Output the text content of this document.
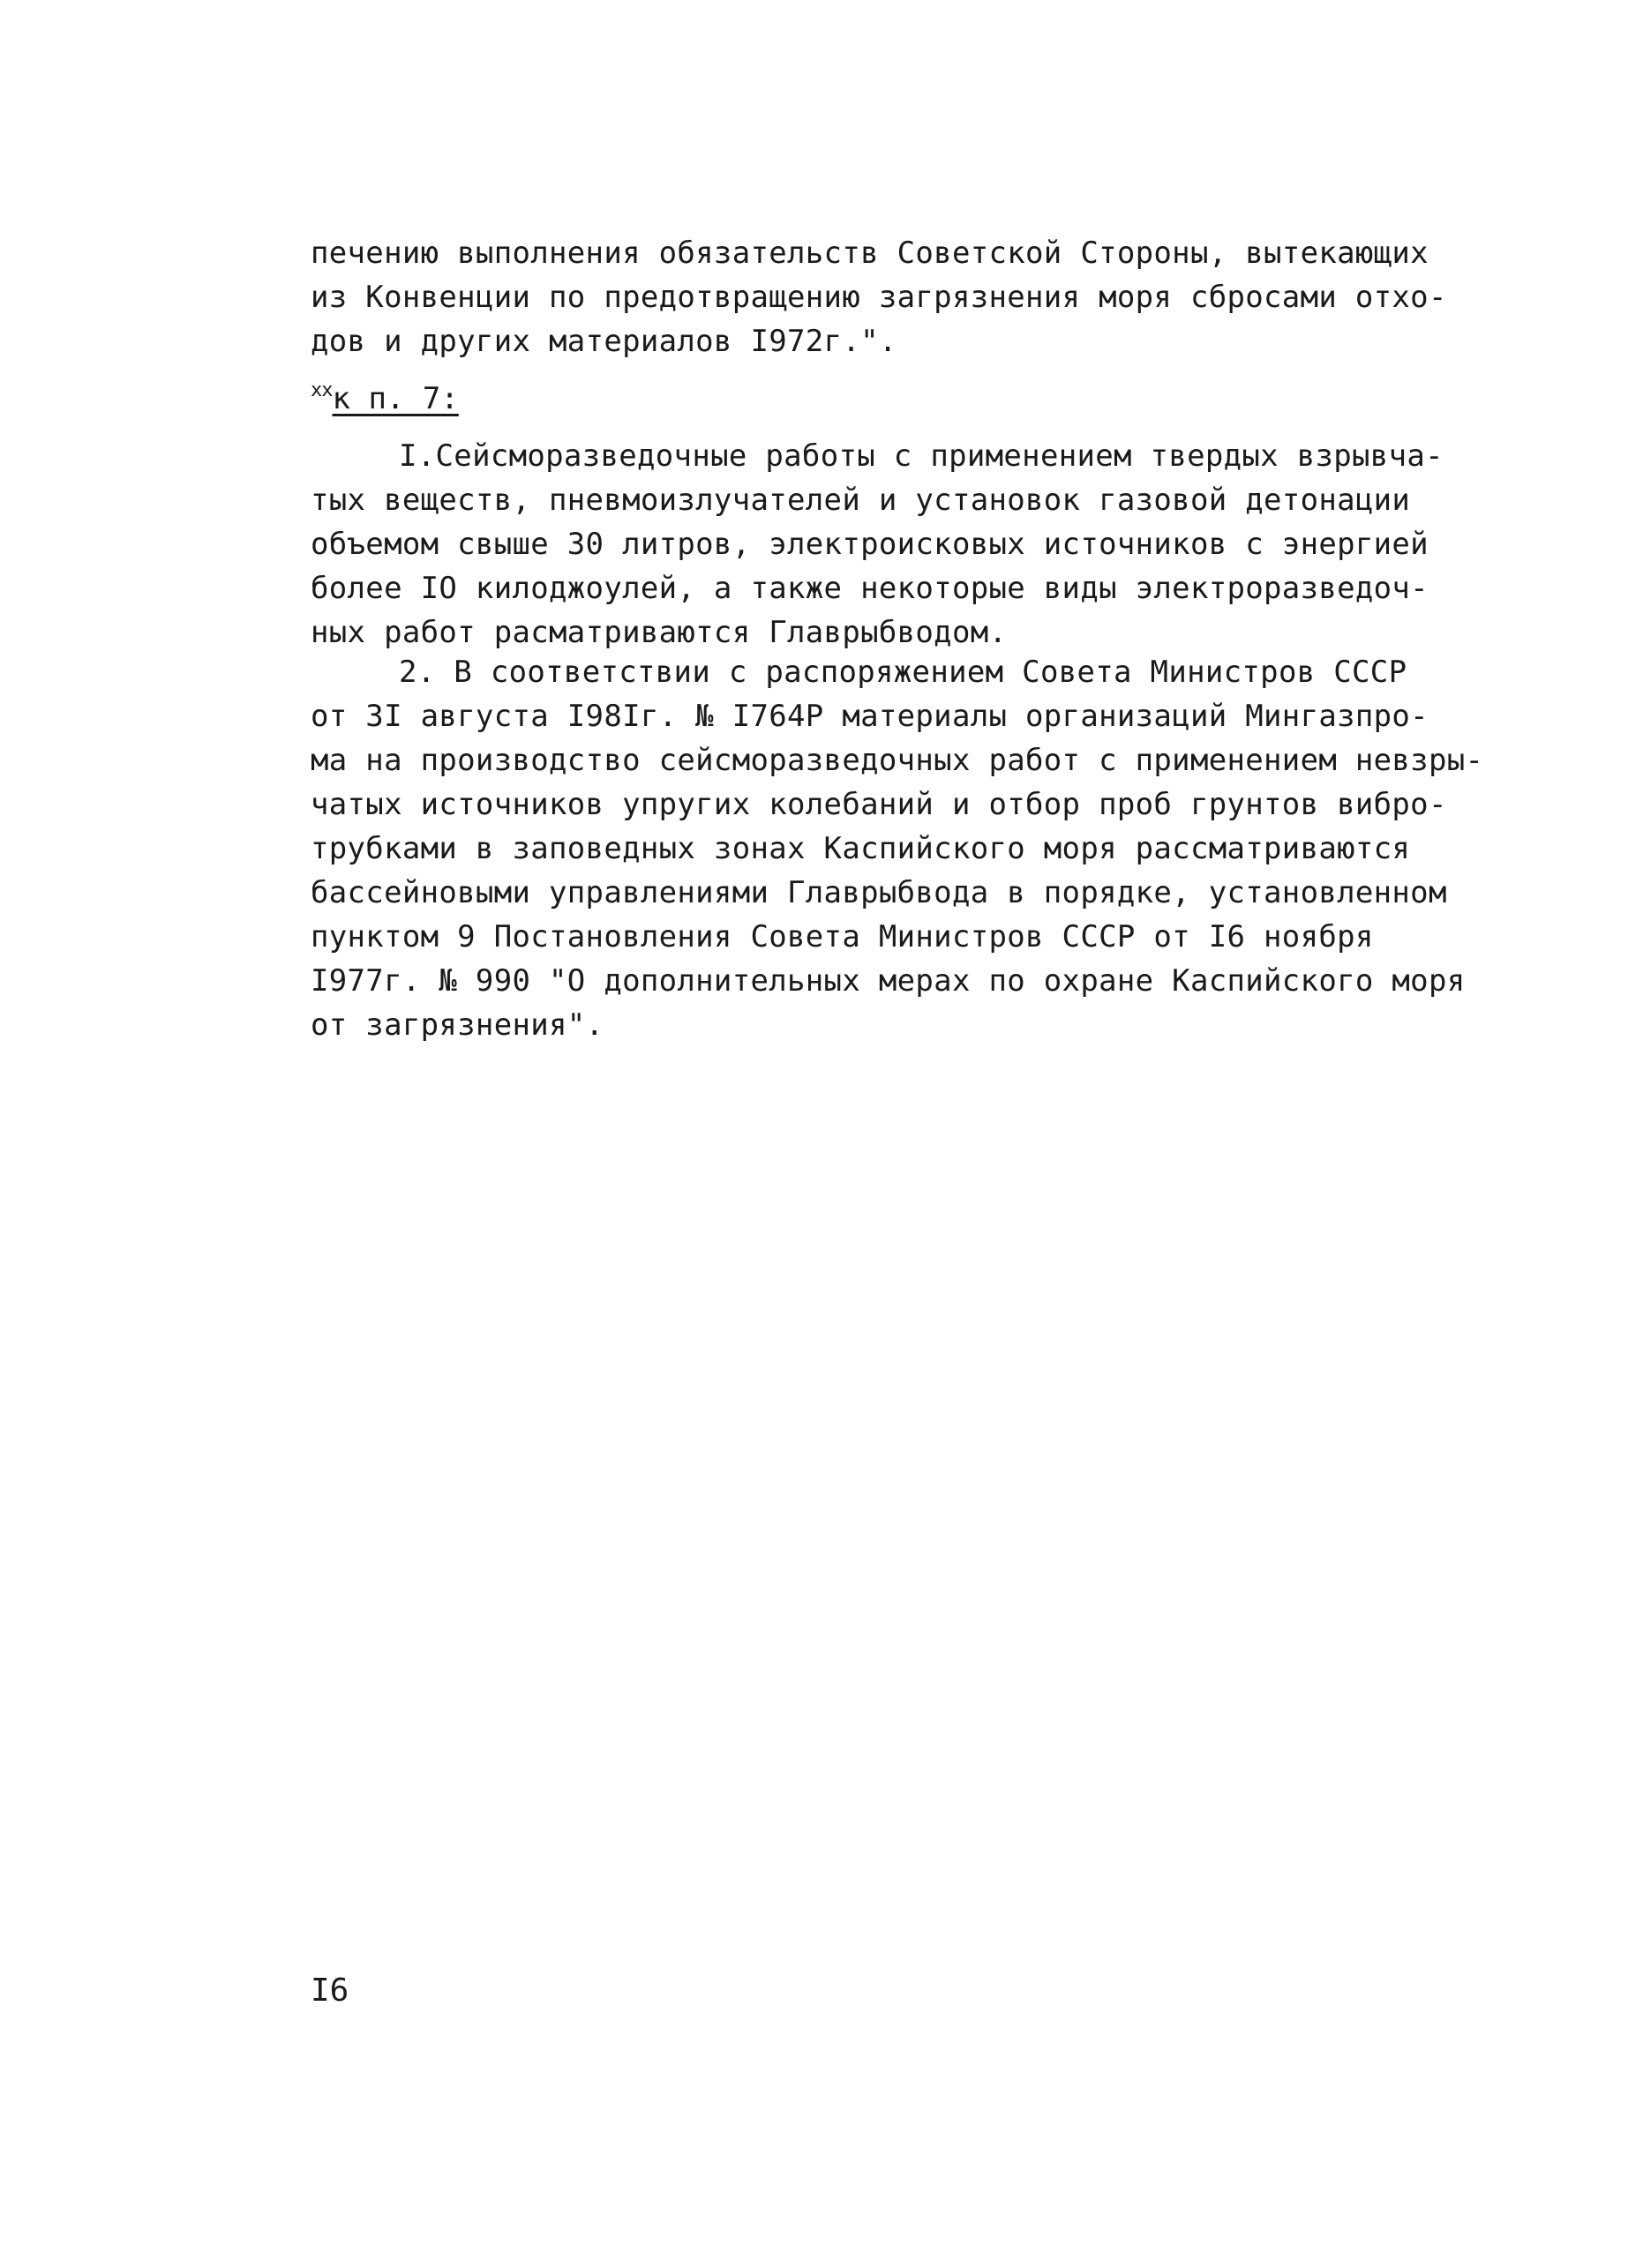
печению выполнения обязательств Советской Стороны, вытекающих
из Конвенции по предотвращению загрязнения моря сбросами отхо-
дов и других материалов I972г.".
$^{xx}$к п. 7:
I.Сейсморазведочные работы с применением твердых взрывча-
тых веществ, пневмоизлучателей и установок газовой детонации
объемом свыше 30 литров, электроисковых источников с энергией
более IO килоджоулей, а также некоторые виды электроразведоч-
ных работ расматриваются Главрыбводом.
2. В соответствии с распоряжением Совета Министров СССР
от 3I августа I98Iг. № I764Р материалы организаций Мингазпро-
ма на производство сейсморазведочных работ с применением невзры-
чатых источников упругих колебаний и отбор проб грунтов вибро-
трубками в заповедных зонах Каспийского моря рассматриваются
бассейновыми управлениями Главрыбвода в порядке, установленном
пунктом 9 Постановления Совета Министров СССР от I6 ноября
I977г. № 990 "О дополнительных мерах по охране Каспийского моря
от загрязнения".
I6
